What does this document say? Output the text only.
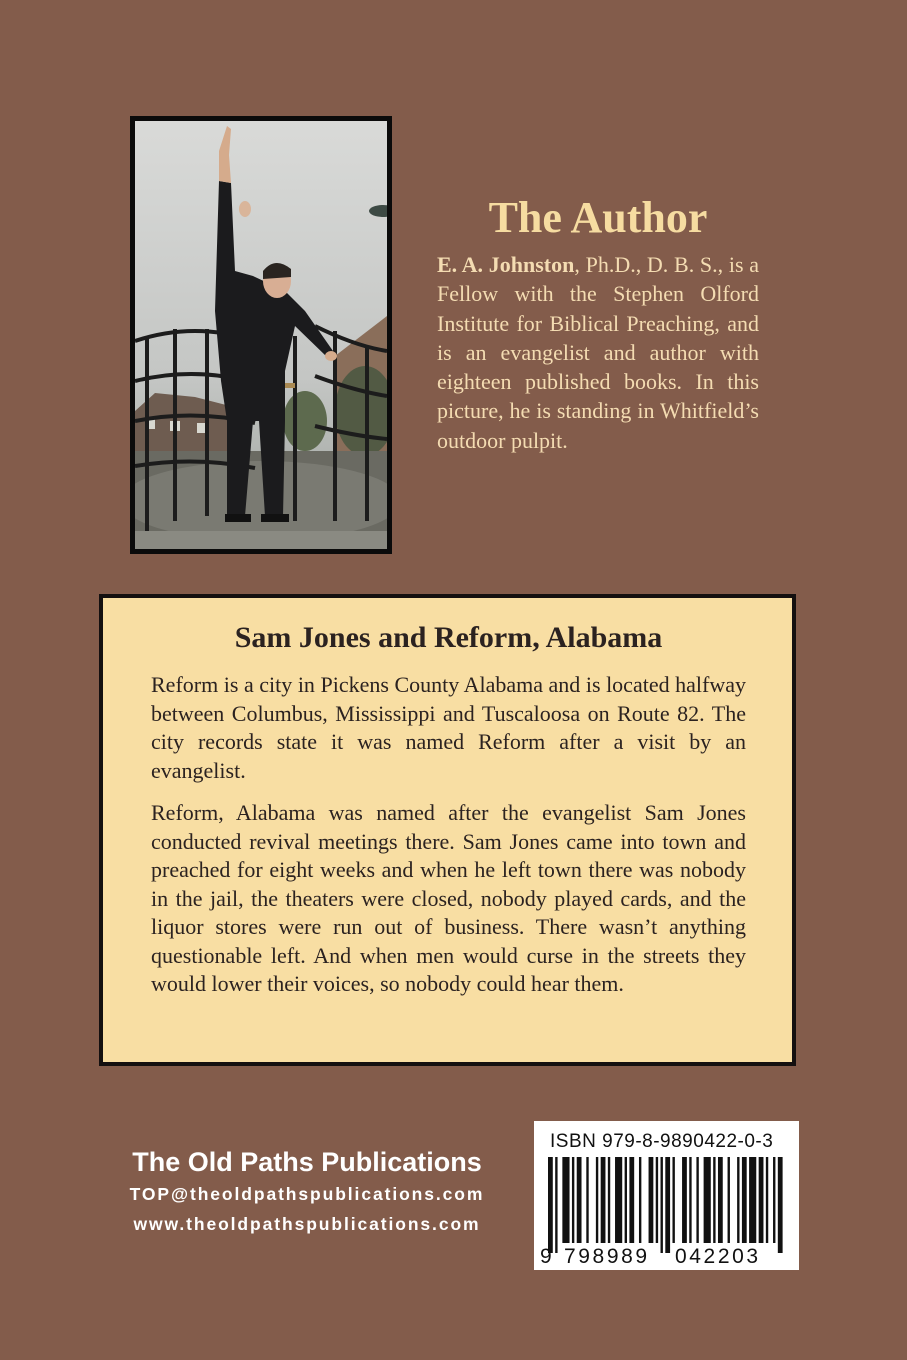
The Author

E. A. Johnston, Ph.D., D. B. S., is a Fellow with the Stephen Olford Institute for Biblical Preaching, and is an evangelist and author with eighteen published books. In this picture, he is standing in Whitfield’s outdoor pulpit.

Sam Jones and Reform, Alabama

Reform is a city in Pickens County Alabama and is located halfway between Columbus, Mississippi and Tuscaloosa on Route 82. The city records state it was named Reform after a visit by an evangelist.

Reform, Alabama was named after the evangelist Sam Jones conducted revival meetings there. Sam Jones came into town and preached for eight weeks and when he left town there was nobody in the jail, the theaters were closed, nobody played cards, and the liquor stores were run out of business. There wasn’t anything questionable left. And when men would curse in the streets they would lower their voices, so nobody could hear them.

The Old Paths Publications
TOP@theoldpathspublications.com
www.theoldpathspublications.com
ISBN 979-8-9890422-0-3
9 798989 042203
